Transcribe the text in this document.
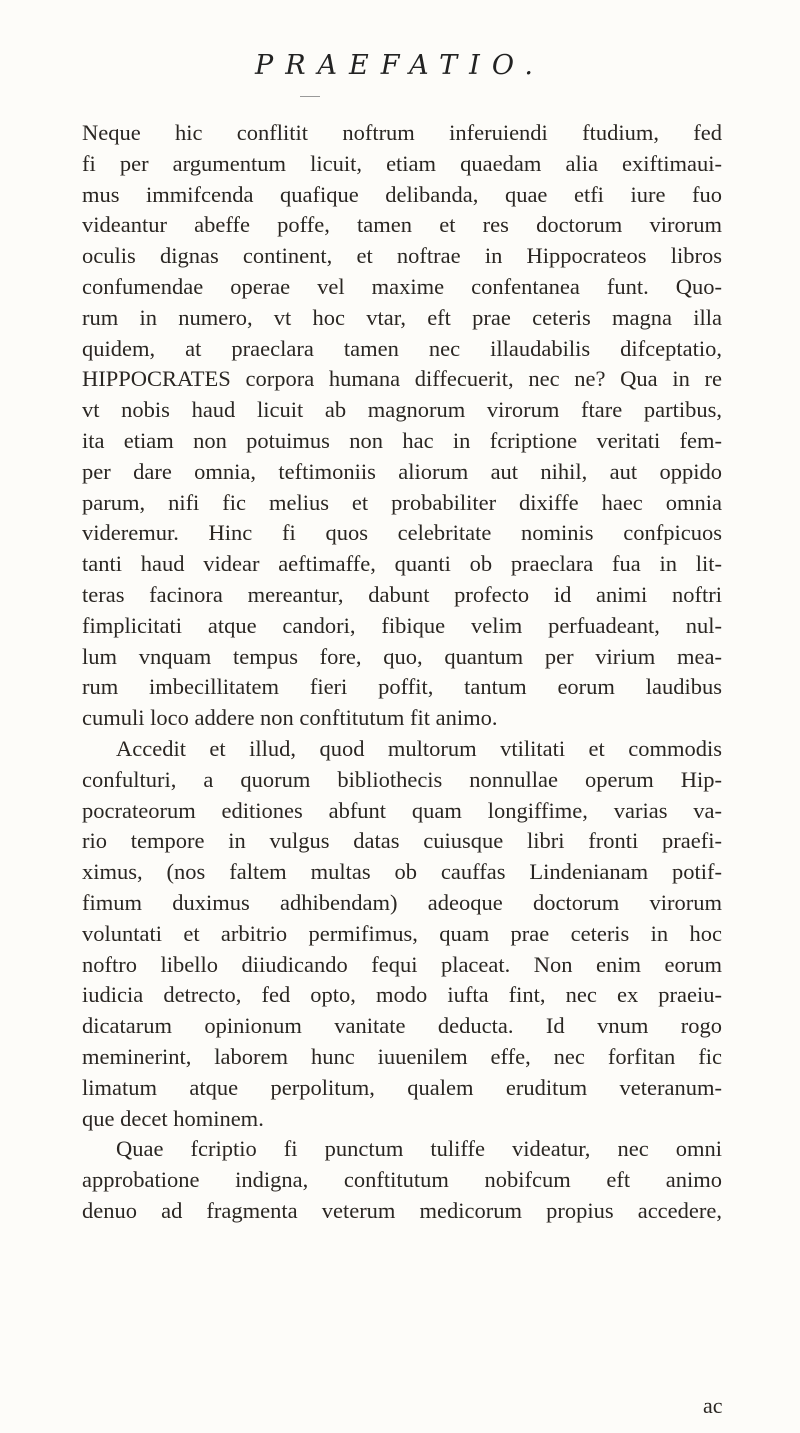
PRAEFATIO.
Neque hic conflitit noftrum inferuiendi ftudium, fed
fi per argumentum licuit, etiam quaedam alia exiftimaui-
mus immifcenda quafique delibanda, quae etfi iure fuo
videantur abeffe poffe, tamen et res doctorum virorum
oculis dignas continent, et noftrae in Hippocrateos libros
confumendae operae vel maxime confentanea funt. Quo-
rum in numero, vt hoc vtar, eft prae ceteris magna illa
quidem, at praeclara tamen nec illaudabilis difceptatio,
HIPPOCRATES corpora humana diffecuerit, nec ne? Qua in re
vt nobis haud licuit ab magnorum virorum ftare partibus,
ita etiam non potuimus non hac in fcriptione veritati fem-
per dare omnia, teftimoniis aliorum aut nihil, aut oppido
parum, nifi fic melius et probabiliter dixiffe haec omnia
videremur. Hinc fi quos celebritate nominis confpicuos
tanti haud videar aeftimaffe, quanti ob praeclara fua in lit-
teras facinora mereantur, dabunt profecto id animi noftri
fimplicitati atque candori, fibique velim perfuadeant, nul-
lum vnquam tempus fore, quo, quantum per virium mea-
rum imbecillitatem fieri poffit, tantum eorum laudibus
cumuli loco addere non conftitutum fit animo.
Accedit et illud, quod multorum vtilitati et commodis
confulturi, a quorum bibliothecis nonnullae operum Hip-
pocrateorum editiones abfunt quam longiffime, varias va-
rio tempore in vulgus datas cuiusque libri fronti praefi-
ximus, (nos faltem multas ob cauffas Lindenianam potif-
fimum duximus adhibendam) adeoque doctorum virorum
voluntati et arbitrio permifimus, quam prae ceteris in hoc
noftro libello diiudicando fequi placeat. Non enim eorum
iudicia detrecto, fed opto, modo iufta fint, nec ex praeiu-
dicatarum opinionum vanitate deducta. Id vnum rogo
meminerint, laborem hunc iuuenilem effe, nec forfitan fic
limatum atque perpolitum, qualem eruditum veteranum-
que decet hominem.
Quae fcriptio fi punctum tuliffe videatur, nec omni
approbatione indigna, conftitutum nobifcum eft animo
denuo ad fragmenta veterum medicorum propius accedere,
ac
